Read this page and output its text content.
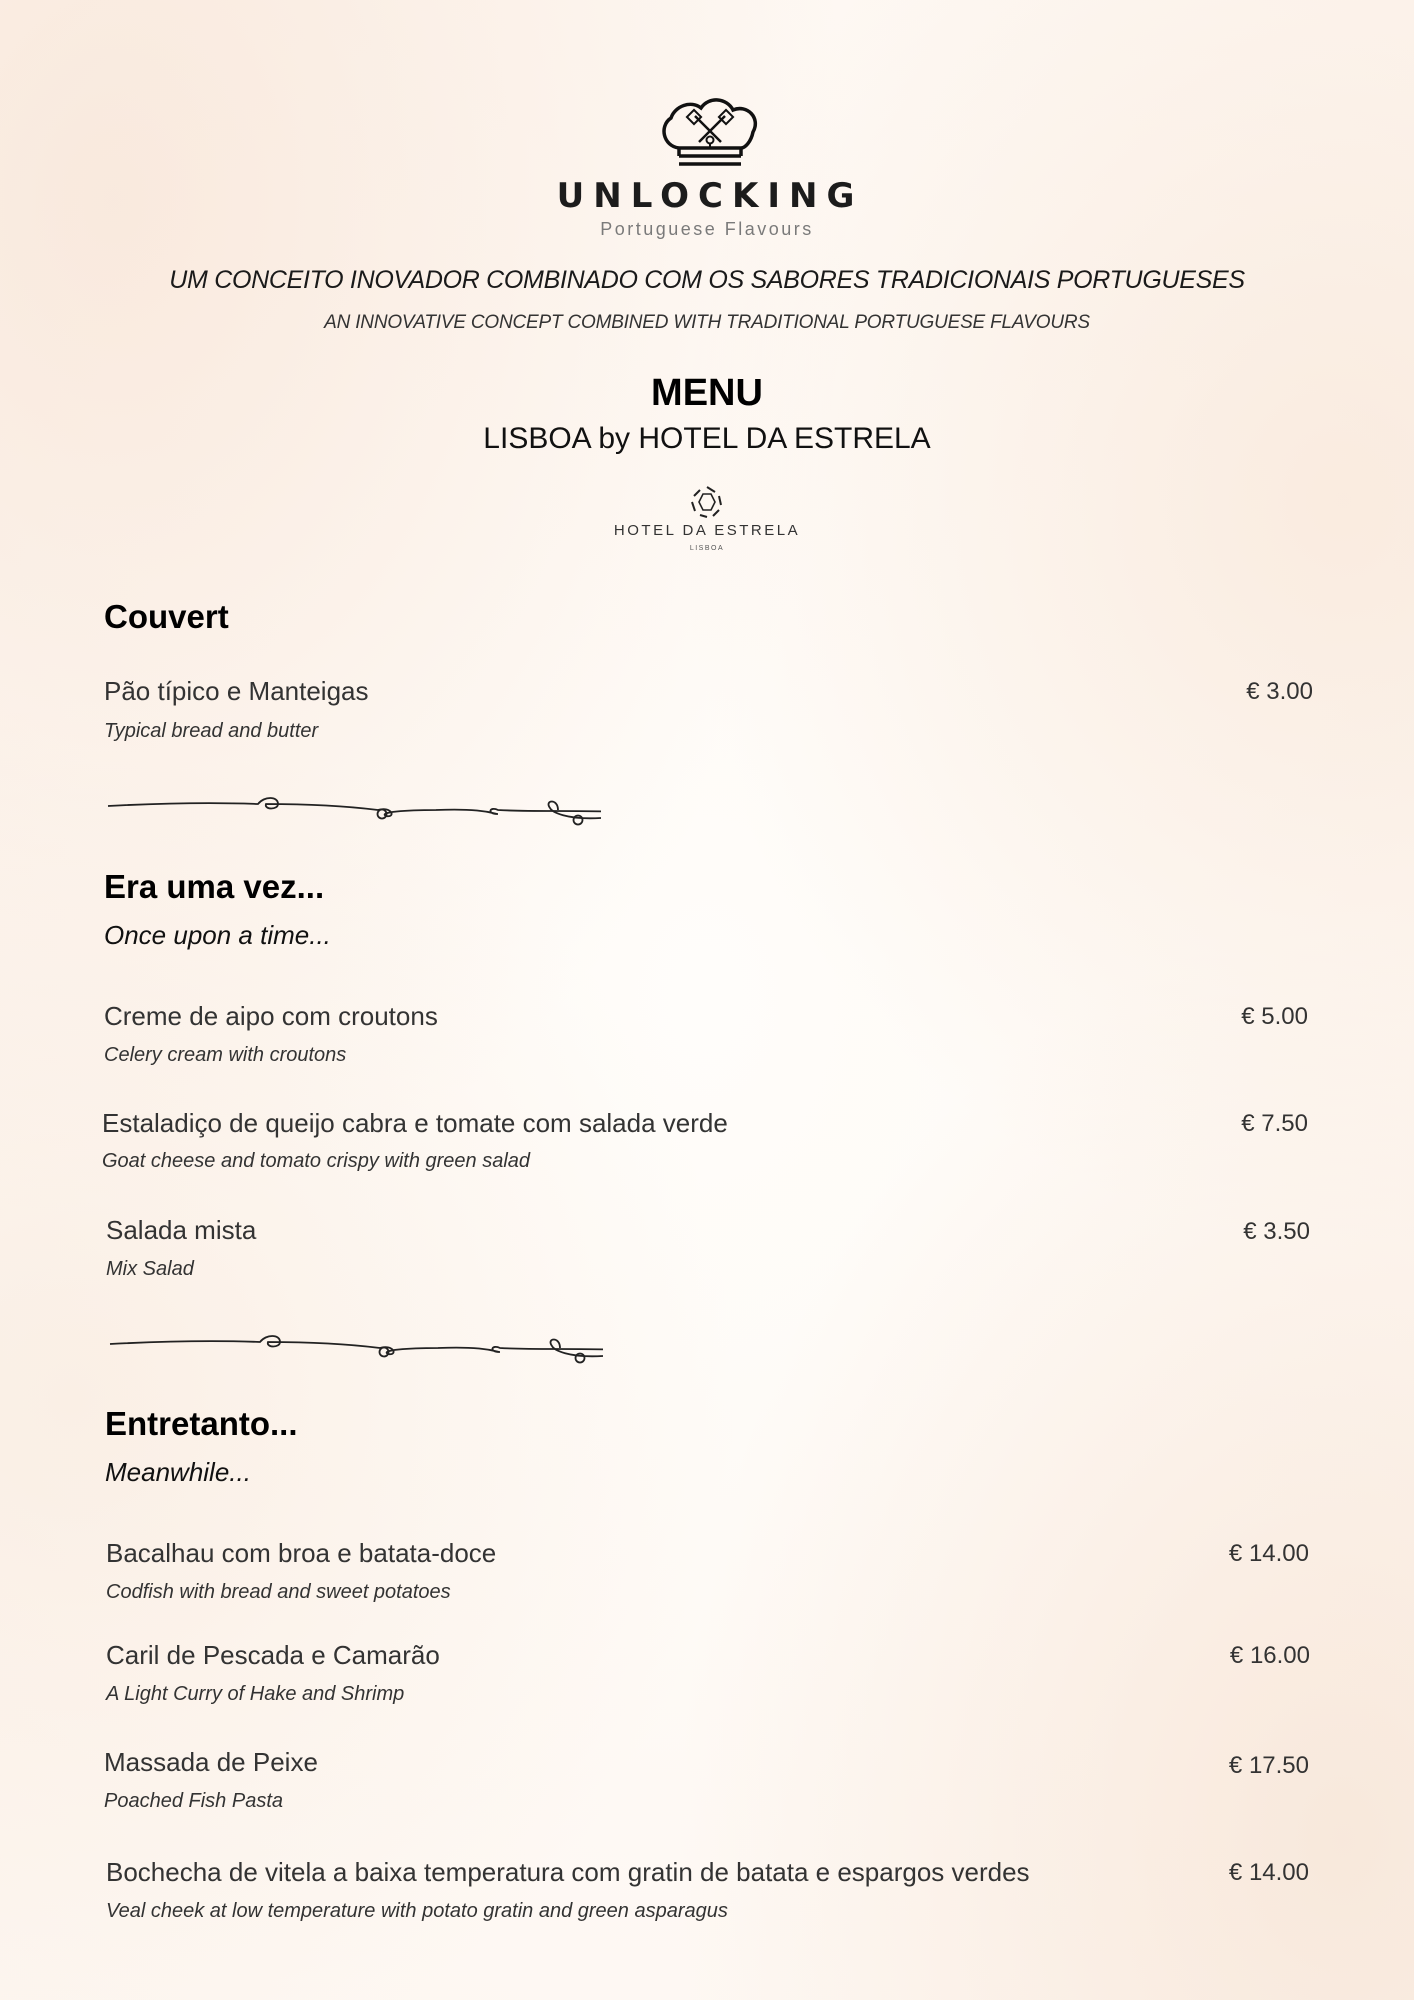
UNLOCKING
Portuguese Flavours
UM CONCEITO INOVADOR COMBINADO COM OS SABORES TRADICIONAIS PORTUGUESES
AN INNOVATIVE CONCEPT COMBINED WITH TRADITIONAL PORTUGUESE FLAVOURS
MENU
LISBOA by HOTEL DA ESTRELA
HOTEL DA ESTRELA
LISBOA
Couvert
Pão típico e Manteigas
Typical bread and butter
€ 3.00
Era uma vez...
Once upon a time...
Creme de aipo com croutons
Celery cream with croutons
€ 5.00
Estaladiço de queijo cabra e tomate com salada verde
Goat cheese and tomato crispy with green salad
€ 7.50
Salada mista
Mix Salad
€ 3.50
Entretanto...
Meanwhile...
Bacalhau com broa e batata-doce
Codfish with bread and sweet potatoes
€ 14.00
Caril de Pescada e Camarão
A Light Curry of Hake and Shrimp
€ 16.00
Massada de Peixe
Poached Fish Pasta
€ 17.50
Bochecha de vitela a baixa temperatura com gratin de batata e espargos verdes
Veal cheek at low temperature with potato gratin and green asparagus
€ 14.00
